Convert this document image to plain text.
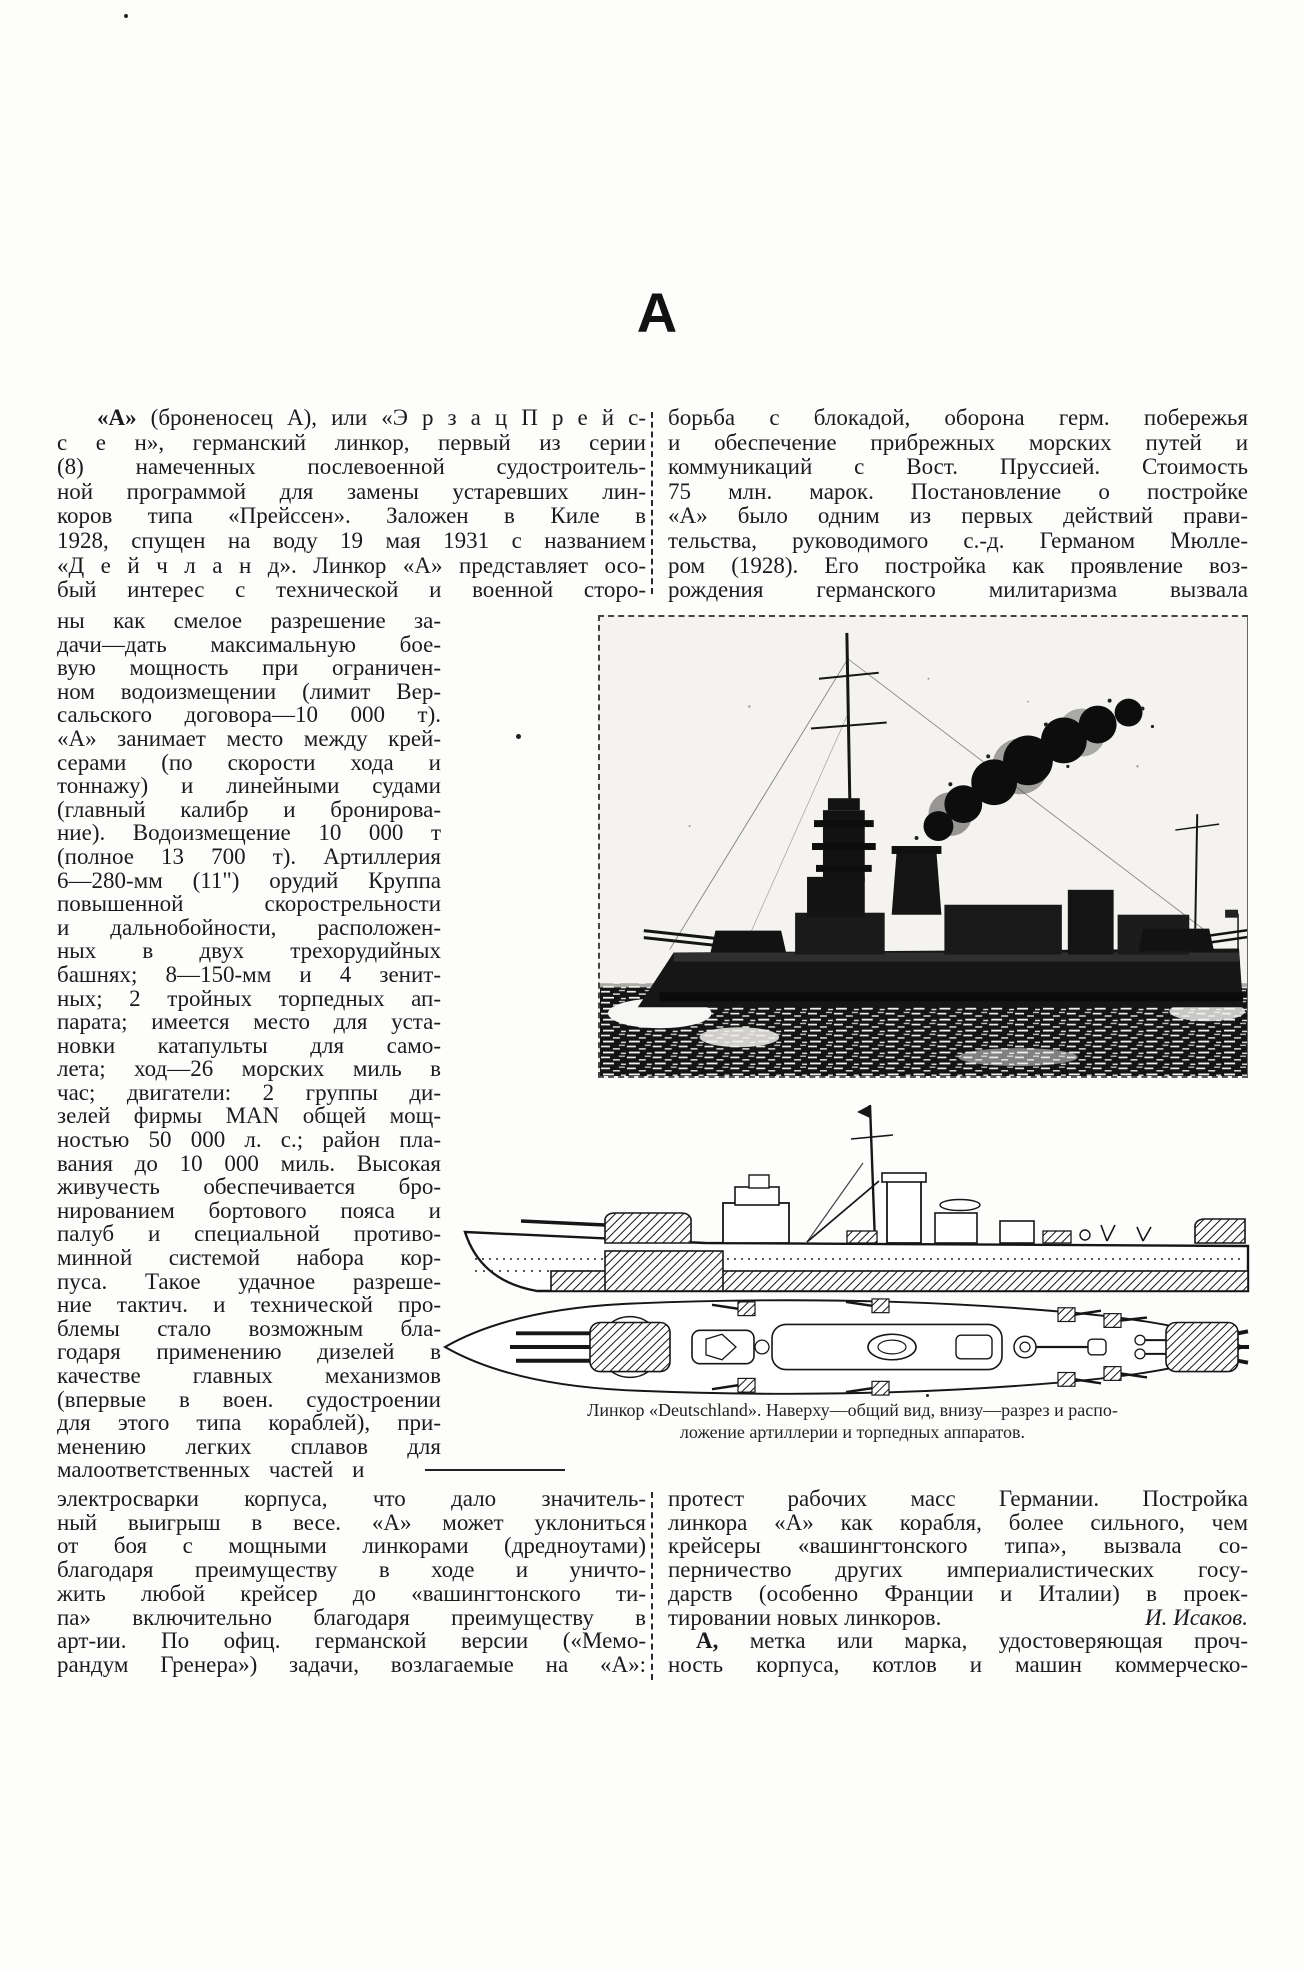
А
«А» (броненосец А), или «Э р з а ц П р е й с-
с е н», германский линкор, первый из серии
(8) намеченных послевоенной судостроитель-
ной программой для замены устаревших лин-
коров типа «Прейссен». Заложен в Киле в
1928, спущен на воду 19 мая 1931 с названием
«Д е й ч л а н д». Линкор «А» представляет осо-
бый интерес с технической и военной сторо-
борьба с блокадой, оборона герм. побережья
и обеспечение прибрежных морских путей и
коммуникаций с Вост. Пруссией. Стоимость
75 млн. марок. Постановление о постройке
«А» было одним из первых действий прави-
тельства, руководимого с.-д. Германом Мюлле-
ром (1928). Его постройка как проявление воз-
рождения германского милитаризма вызвала
ны как смелое разрешение за-
дачи—дать максимальную бое-
вую мощность при ограничен-
ном водоизмещении (лимит Вер-
сальского договора—10 000 т).
«А» занимает место между крей-
серами (по скорости хода и
тоннажу) и линейными судами
(главный калибр и бронирова-
ние). Водоизмещение 10 000 т
(полное 13 700 т). Артиллерия
6—280-мм (11") орудий Круппа
повышенной скорострельности
и дальнобойности, расположен-
ных в двух трехорудийных
башнях; 8—150-мм и 4 зенит-
ных; 2 тройных торпедных ап-
парата; имеется место для уста-
новки катапульты для само-
лета; ход—26 морских миль в
час; двигатели: 2 группы ди-
зелей фирмы MAN общей мощ-
ностью 50 000 л. с.; район пла-
вания до 10 000 миль. Высокая
живучесть обеспечивается бро-
нированием бортового пояса и
палуб и специальной противо-
минной системой набора кор-
пуса. Такое удачное разреше-
ние тактич. и технической про-
блемы стало возможным бла-
годаря применению дизелей в
качестве главных механизмов
(впервые в воен. судостроении
для этого типа кораблей), при-
менению легких сплавов для
малоответственных частей и
Линкор «Deutschland». Наверху—общий вид, внизу—разрез и распо-
ложение артиллерии и торпедных аппаратов.
электросварки корпуса, что дало значитель-
ный выигрыш в весе. «А» может уклониться
от боя с мощными линкорами (дредноутами)
благодаря преимуществу в ходе и уничто-
жить любой крейсер до «вашингтонского ти-
па» включительно благодаря преимуществу в
арт-ии. По офиц. германской версии («Мемо-
рандум Гренера») задачи, возлагаемые на «А»:
протест рабочих масс Германии. Постройка
линкора «А» как корабля, более сильного, чем
крейсеры «вашингтонского типа», вызвала со-
перничество других империалистических госу-
дарств (особенно Франции и Италии) в проек-
тировании новых линкоров.	И. Исаков.
А, метка или марка, удостоверяющая проч-
ность корпуса, котлов и машин коммерческо-
